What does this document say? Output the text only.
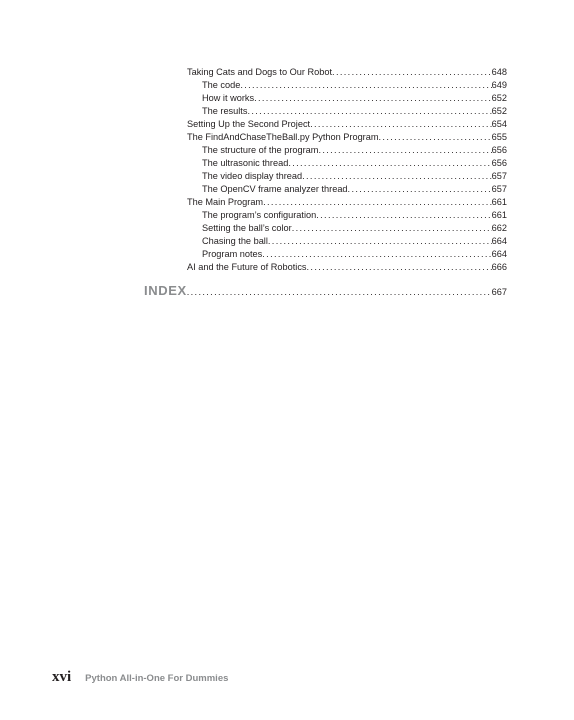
Taking Cats and Dogs to Our Robot . . .	648
The code . . .	649
How it works . . .	652
The results . . .	652
Setting Up the Second Project . . .	654
The FindAndChaseTheBall.py Python Program . . .	655
The structure of the program . . .	656
The ultrasonic thread . . .	656
The video display thread . . .	657
The OpenCV frame analyzer thread . . .	657
The Main Program . . .	661
The program’s configuration . . .	661
Setting the ball’s color . . .	662
Chasing the ball . . .	664
Program notes . . .	664
AI and the Future of Robotics . . .	666
INDEX . . .	667
xvi Python All-in-One For Dummies
